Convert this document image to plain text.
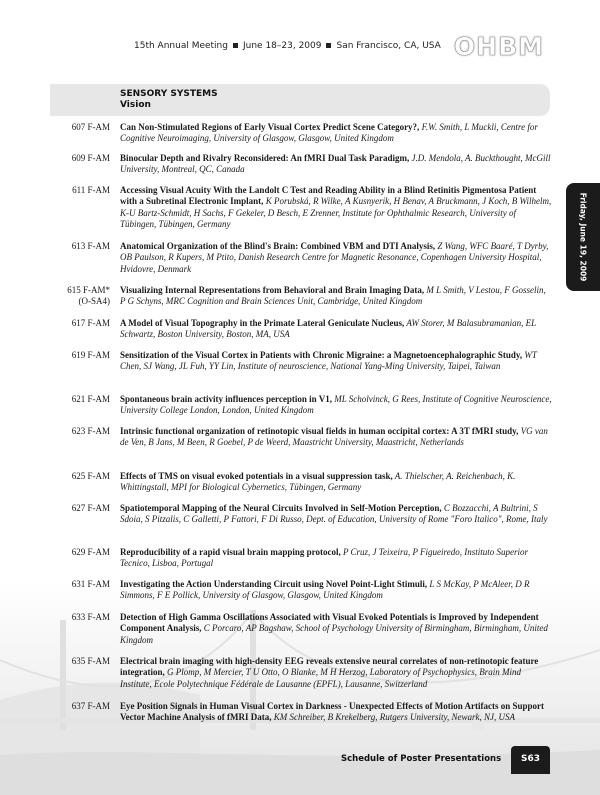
15th Annual Meeting June 18–23, 2009 San Francisco, CA, USA OHBM
SENSORY SYSTEMS
Vision
Friday, June 19, 2009
607 F-AM Can Non-Stimulated Regions of Early Visual Cortex Predict Scene Category?, F.W. Smith, L Muckli, Centre for Cognitive Neuroimaging, University of Glasgow, Glasgow, United Kingdom
609 F-AM Binocular Depth and Rivalry Reconsidered: An fMRI Dual Task Paradigm, J.D. Mendola, A. Buckthought, McGill University, Montreal, QC, Canada
611 F-AM Accessing Visual Acuity With the Landolt C Test and Reading Ability in a Blind Retinitis Pigmentosa Patient with a Subretinal Electronic Implant, K Porubská, R Wilke, A Kusnyerik, H Benav, A Bruckmann, J Koch, B Wilhelm, K-U Bartz-Schmidt, H Sachs, F Gekeler, D Besch, E Zrenner, Institute for Ophthalmic Research, University of Tübingen, Tübingen, Germany
613 F-AM Anatomical Organization of the Blind's Brain: Combined VBM and DTI Analysis, Z Wang, WFC Baaré, T Dyrby, OB Paulson, R Kupers, M Ptito, Danish Research Centre for Magnetic Resonance, Copenhagen University Hospital, Hvidovre, Denmark
615 F-AM*
(O-SA4)
Visualizing Internal Representations from Behavioral and Brain Imaging Data, M L Smith, V Lestou, F Gosselin, P G Schyns, MRC Cognition and Brain Sciences Unit, Cambridge, United Kingdom
617 F-AM A Model of Visual Topography in the Primate Lateral Geniculate Nucleus, AW Storer, M Balasubramanian, EL Schwartz, Boston University, Boston, MA, USA
619 F-AM Sensitization of the Visual Cortex in Patients with Chronic Migraine: a Magnetoencephalographic Study, WT Chen, SJ Wang, JL Fuh, YY Lin, Institute of neuroscience, National Yang-Ming University, Taipei, Taiwan
621 F-AM Spontaneous brain activity influences perception in V1, ML Scholvinck, G Rees, Institute of Cognitive Neuroscience, University College London, London, United Kingdom
623 F-AM Intrinsic functional organization of retinotopic visual fields in human occipital cortex: A 3T fMRI study, VG van de Ven, B Jans, M Been, R Goebel, P de Weerd, Maastricht University, Maastricht, Netherlands
625 F-AM Effects of TMS on visual evoked potentials in a visual suppression task, A. Thielscher, A. Reichenbach, K. Whittingstall, MPI for Biological Cybernetics, Tübingen, Germany
627 F-AM Spatiotemporal Mapping of the Neural Circuits Involved in Self-Motion Perception, C Bozzacchi, A Bultrini, S Sdoia, S Pitzalis, C Galletti, P Fattori, F Di Russo, Dept. of Education, University of Rome "Foro Italico", Rome, Italy
629 F-AM Reproducibility of a rapid visual brain mapping protocol, P Cruz, J Teixeira, P Figueiredo, Instituto Superior Tecnico, Lisboa, Portugal
631 F-AM Investigating the Action Understanding Circuit using Novel Point-Light Stimuli, L S McKay, P McAleer, D R Simmons, F E Pollick, University of Glasgow, Glasgow, United Kingdom
633 F-AM Detection of High Gamma Oscillations Associated with Visual Evoked Potentials is Improved by Independent Component Analysis, C Porcaro, AP Bagshaw, School of Psychology University of Birmingham, Birmingham, United Kingdom
635 F-AM Electrical brain imaging with high-density EEG reveals extensive neural correlates of non-retinotopic feature integration, G Plomp, M Mercier, T U Otto, O Blanke, M H Herzog, Laboratory of Psychophysics, Brain Mind Institute, Ecole Polytechnique Fédérale de Lausanne (EPFL), Lausanne, Switzerland
637 F-AM Eye Position Signals in Human Visual Cortex in Darkness - Unexpected Effects of Motion Artifacts on Support Vector Machine Analysis of fMRI Data, KM Schreiber, B Krekelberg, Rutgers University, Newark, NJ, USA
Schedule of Poster Presentations	S63
